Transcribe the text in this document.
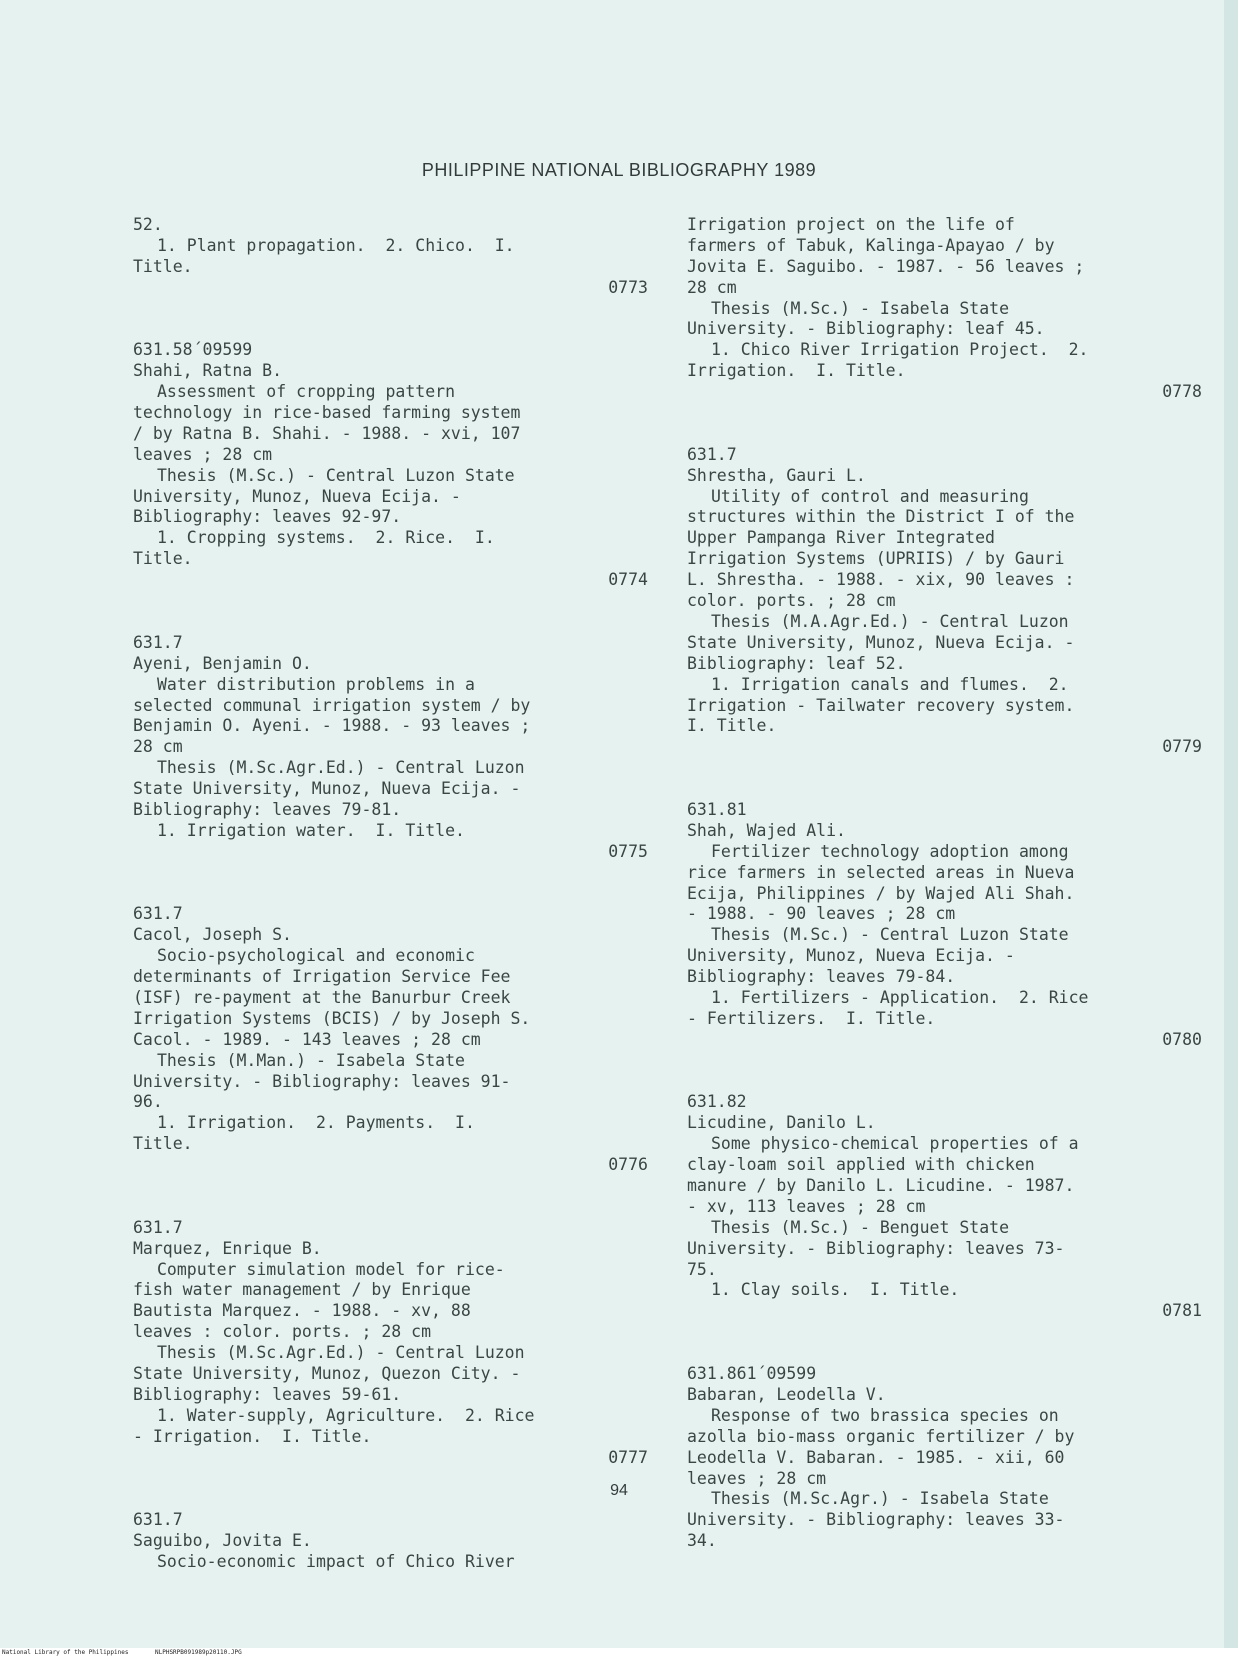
PHILIPPINE NATIONAL BIBLIOGRAPHY 1989
52.
1. Plant propagation.  2. Chico.  I.
Title.
0773
631.58´09599
Shahi, Ratna B.
Assessment of cropping pattern
technology in rice-based farming system
/ by Ratna B. Shahi. - 1988. - xvi, 107
leaves ; 28 cm
Thesis (M.Sc.) - Central Luzon State
University, Munoz, Nueva Ecija. -
Bibliography: leaves 92-97.
1. Cropping systems.  2. Rice.  I.
Title.
0774
631.7
Ayeni, Benjamin O.
Water distribution problems in a
selected communal irrigation system / by
Benjamin O. Ayeni. - 1988. - 93 leaves ;
28 cm
Thesis (M.Sc.Agr.Ed.) - Central Luzon
State University, Munoz, Nueva Ecija. -
Bibliography: leaves 79-81.
1. Irrigation water.  I. Title.
0775
631.7
Cacol, Joseph S.
Socio-psychological and economic
determinants of Irrigation Service Fee
(ISF) re-payment at the Banurbur Creek
Irrigation Systems (BCIS) / by Joseph S.
Cacol. - 1989. - 143 leaves ; 28 cm
Thesis (M.Man.) - Isabela State
University. - Bibliography: leaves 91-
96.
1. Irrigation.  2. Payments.  I.
Title.
0776
631.7
Marquez, Enrique B.
Computer simulation model for rice-
fish water management / by Enrique
Bautista Marquez. - 1988. - xv, 88
leaves : color. ports. ; 28 cm
Thesis (M.Sc.Agr.Ed.) - Central Luzon
State University, Munoz, Quezon City. -
Bibliography: leaves 59-61.
1. Water-supply, Agriculture.  2. Rice
- Irrigation.  I. Title.
0777
631.7
Saguibo, Jovita E.
Socio-economic impact of Chico River
Irrigation project on the life of
farmers of Tabuk, Kalinga-Apayao / by
Jovita E. Saguibo. - 1987. - 56 leaves ;
28 cm
Thesis (M.Sc.) - Isabela State
University. - Bibliography: leaf 45.
1. Chico River Irrigation Project.  2.
Irrigation.  I. Title.
0778
631.7
Shrestha, Gauri L.
Utility of control and measuring
structures within the District I of the
Upper Pampanga River Integrated
Irrigation Systems (UPRIIS) / by Gauri
L. Shrestha. - 1988. - xix, 90 leaves :
color. ports. ; 28 cm
Thesis (M.A.Agr.Ed.) - Central Luzon
State University, Munoz, Nueva Ecija. -
Bibliography: leaf 52.
1. Irrigation canals and flumes.  2.
Irrigation - Tailwater recovery system.
I. Title.
0779
631.81
Shah, Wajed Ali.
Fertilizer technology adoption among
rice farmers in selected areas in Nueva
Ecija, Philippines / by Wajed Ali Shah.
- 1988. - 90 leaves ; 28 cm
Thesis (M.Sc.) - Central Luzon State
University, Munoz, Nueva Ecija. -
Bibliography: leaves 79-84.
1. Fertilizers - Application.  2. Rice
- Fertilizers.  I. Title.
0780
631.82
Licudine, Danilo L.
Some physico-chemical properties of a
clay-loam soil applied with chicken
manure / by Danilo L. Licudine. - 1987.
- xv, 113 leaves ; 28 cm
Thesis (M.Sc.) - Benguet State
University. - Bibliography: leaves 73-
75.
1. Clay soils.  I. Title.
0781
631.861´09599
Babaran, Leodella V.
Response of two brassica species on
azolla bio-mass organic fertilizer / by
Leodella V. Babaran. - 1985. - xii, 60
leaves ; 28 cm
Thesis (M.Sc.Agr.) - Isabela State
University. - Bibliography: leaves 33-
34.
94
National Library of the Philippines	NLPHSRPB091989p20110.JPG
